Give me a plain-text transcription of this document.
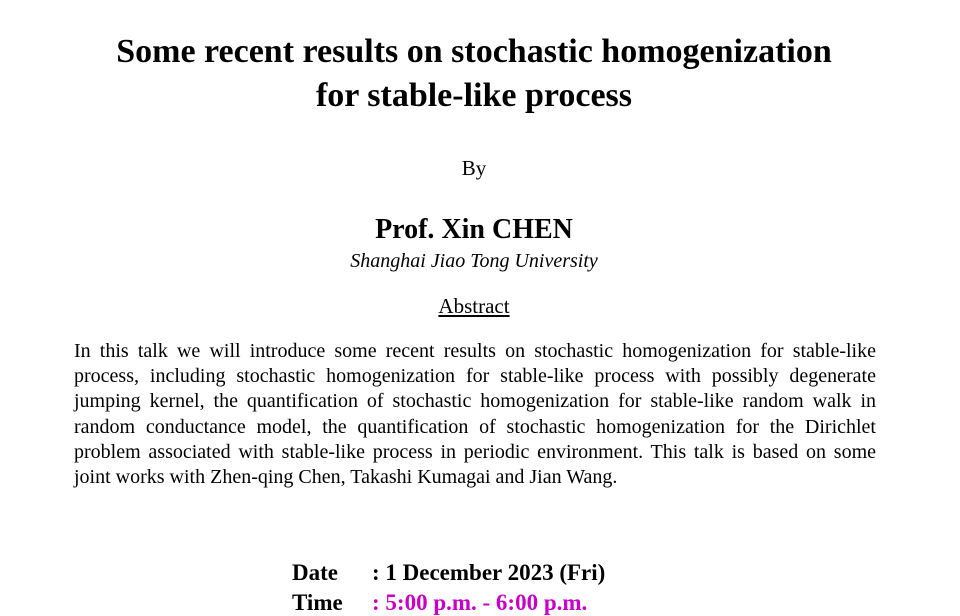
Some recent results on stochastic homogenization
for stable-like process
By
Prof. Xin CHEN
Shanghai Jiao Tong University
Abstract

In this talk we will introduce some recent results on stochastic homogenization for stable-like process, including stochastic homogenization for stable-like process with possibly degenerate jumping kernel, the quantification of stochastic homogenization for stable-like random walk in random conductance model, the quantification of stochastic homogenization for the Dirichlet problem associated with stable-like process in periodic environment. This talk is based on some joint works with Zhen-qing Chen, Takashi Kumagai and Jian Wang.

Date : 1 December 2023 (Fri)
Time : 5:00 p.m. - 6:00 p.m.
